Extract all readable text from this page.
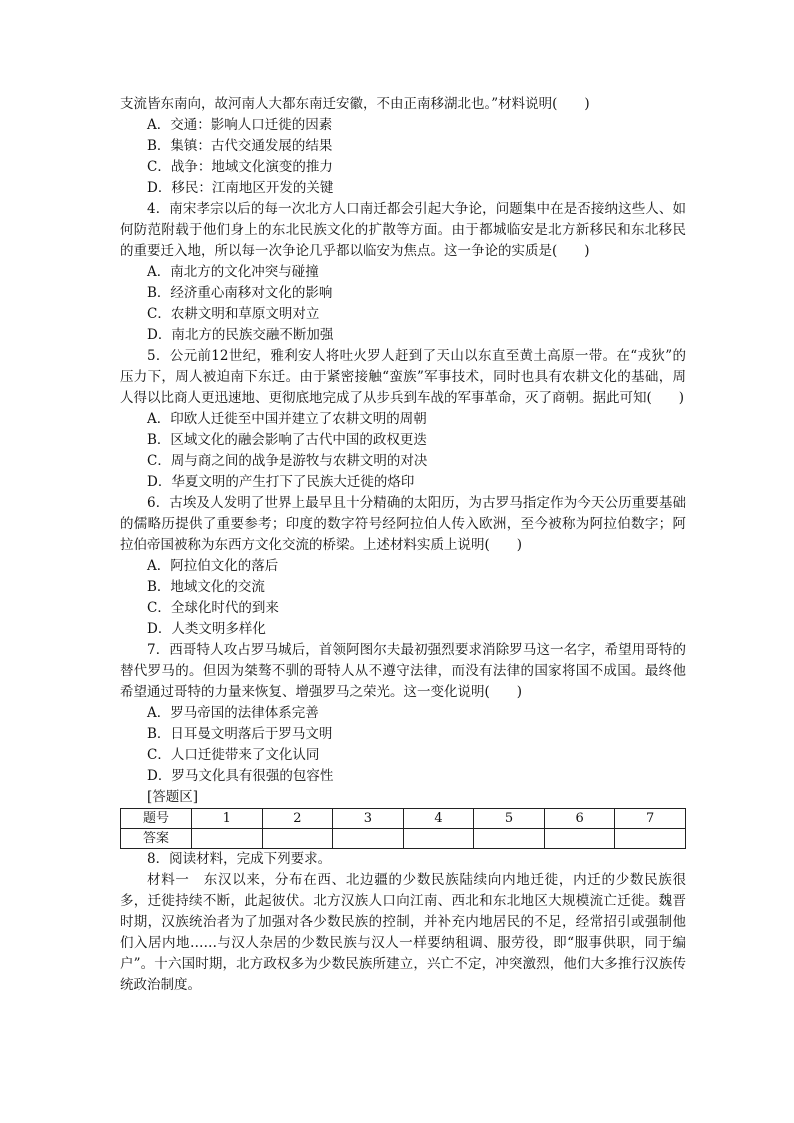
支流皆东南向，故河南人大都东南迁安徽，不由正南移湖北也。”材料说明(　　)

A．交通：影响人口迁徙的因素

B．集镇：古代交通发展的结果

C．战争：地域文化演变的推力

D．移民：江南地区开发的关键

4．南宋孝宗以后的每一次北方人口南迁都会引起大争论，问题集中在是否接纳这些人、如何防范附载于他们身上的东北民族文化的扩散等方面。由于都城临安是北方新移民和东北移民的重要迁入地，所以每一次争论几乎都以临安为焦点。这一争论的实质是(　　)

A．南北方的文化冲突与碰撞

B．经济重心南移对文化的影响

C．农耕文明和草原文明对立

D．南北方的民族交融不断加强

5．公元前12世纪，雅利安人将吐火罗人赶到了天山以东直至黄土高原一带。在“戎狄”的压力下，周人被迫南下东迁。由于紧密接触“蛮族”军事技术，同时也具有农耕文化的基础，周人得以比商人更迅速地、更彻底地完成了从步兵到车战的军事革命，灭了商朝。据此可知(　　)

A．印欧人迁徙至中国并建立了农耕文明的周朝

B．区域文化的融会影响了古代中国的政权更迭

C．周与商之间的战争是游牧与农耕文明的对决

D．华夏文明的产生打下了民族大迁徙的烙印

6．古埃及人发明了世界上最早且十分精确的太阳历，为古罗马指定作为今天公历重要基础的儒略历提供了重要参考；印度的数字符号经阿拉伯人传入欧洲，至今被称为阿拉伯数字；阿拉伯帝国被称为东西方文化交流的桥梁。上述材料实质上说明(　　)

A．阿拉伯文化的落后

B．地域文化的交流

C．全球化时代的到来

D．人类文明多样化

7．西哥特人攻占罗马城后，首领阿图尔夫最初强烈要求消除罗马这一名字，希望用哥特的替代罗马的。但因为桀骜不驯的哥特人从不遵守法律，而没有法律的国家将国不成国。最终他希望通过哥特的力量来恢复、增强罗马之荣光。这一变化说明(　　)

A．罗马帝国的法律体系完善

B．日耳曼文明落后于罗马文明

C．人口迁徙带来了文化认同

D．罗马文化具有很强的包容性

[答题区]

题号	1	2	3	4	5	6	7
答案							

8．阅读材料，完成下列要求。

材料一　东汉以来，分布在西、北边疆的少数民族陆续向内地迁徙，内迁的少数民族很多，迁徙持续不断，此起彼伏。北方汉族人口向江南、西北和东北地区大规模流亡迁徙。魏晋时期，汉族统治者为了加强对各少数民族的控制，并补充内地居民的不足，经常招引或强制他们入居内地……与汉人杂居的少数民族与汉人一样要纳租调、服劳役，即“服事供职，同于编户”。十六国时期，北方政权多为少数民族所建立，兴亡不定，冲突激烈，他们大多推行汉族传统政治制度。
